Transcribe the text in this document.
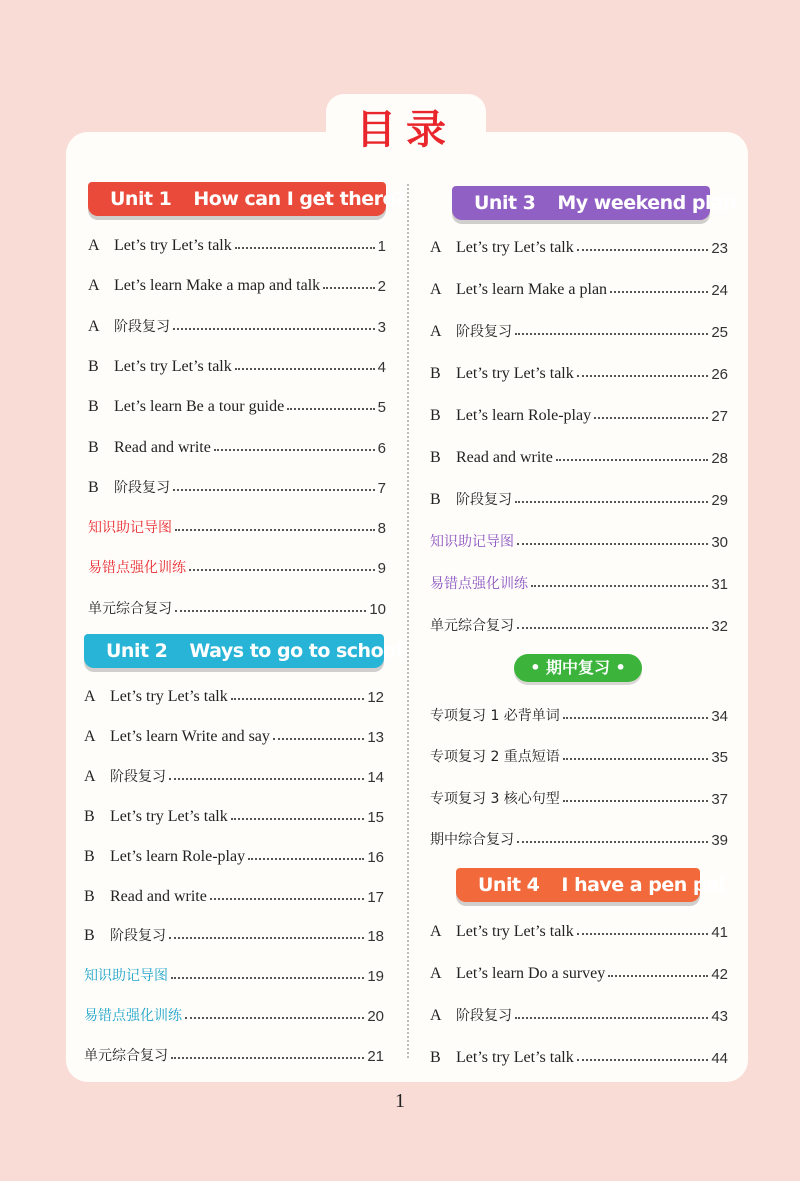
目录
Unit 1 How can I get there?
A Let’s try Let’s talk	1
A Let’s learn Make a map and talk	2
A	阶段复习	3
B Let’s try Let’s talk	4
B Let’s learn Be a tour guide	5
B Read and write	6
B	阶段复习	7
知识助记导图	8
易错点强化训练	9
单元综合复习	10
Unit 2 Ways to go to school
A Let’s try Let’s talk	12
A Let’s learn Write and say	13
A	阶段复习	14
B Let’s try Let’s talk	15
B Let’s learn Role-play	16
B Read and write	17
B	阶段复习	18
知识助记导图	19
易错点强化训练	20
单元综合复习	21
Unit 3 My weekend plan
A Let’s try Let’s talk	23
A Let’s learn Make a plan	24
A	阶段复习	25
B Let’s try Let’s talk	26
B Let’s learn Role-play	27
B Read and write	28
B	阶段复习	29
知识助记导图	30
易错点强化训练	31
单元综合复习	32
• 期中复习 •
专项复习 1 必背单词	34
专项复习 2 重点短语	35
专项复习 3 核心句型	37
期中综合复习	39
Unit 4 I have a pen pal
A Let’s try Let’s talk	41
A Let’s learn Do a survey	42
A	阶段复习	43
B Let’s try Let’s talk	44
1
